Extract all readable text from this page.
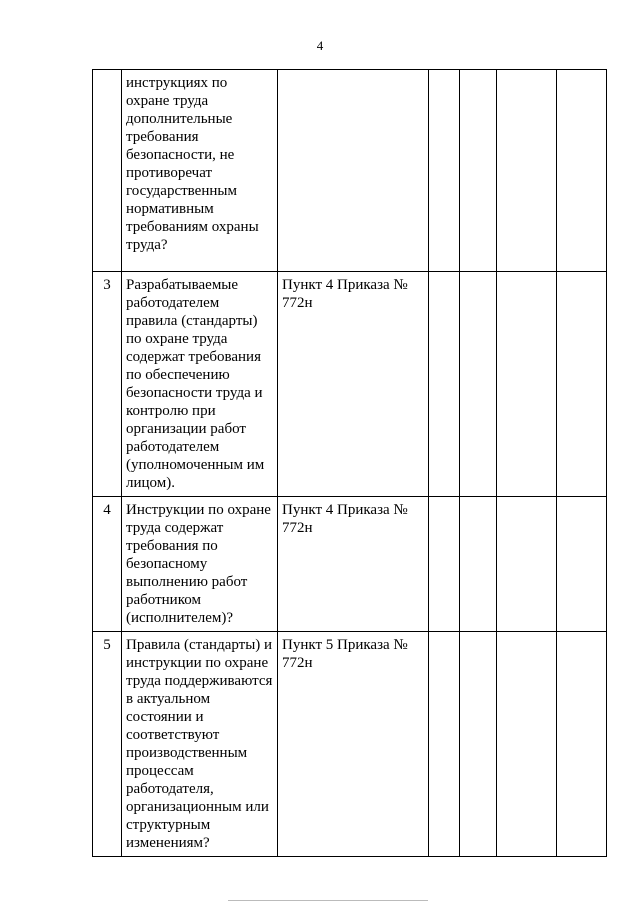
4
	инструкциях по охране труда дополнительные требования безопасности, не противоречат государственным нормативным требованиям охраны труда?					
3	Разрабатываемые работодателем правила (стандарты) по охране труда содержат требования по обеспечению безопасности труда и контролю при организации работ работодателем (уполномоченным им лицом).	Пункт 4 Приказа № 772н				
4	Инструкции по охране труда содержат требования по безопасному выполнению работ работником (исполнителем)?	Пункт 4 Приказа № 772н				
5	Правила (стандарты) и инструкции по охране труда поддерживаются в актуальном состоянии и соответствуют производственным процессам работодателя, организационным или структурным изменениям?	Пункт 5 Приказа № 772н				
